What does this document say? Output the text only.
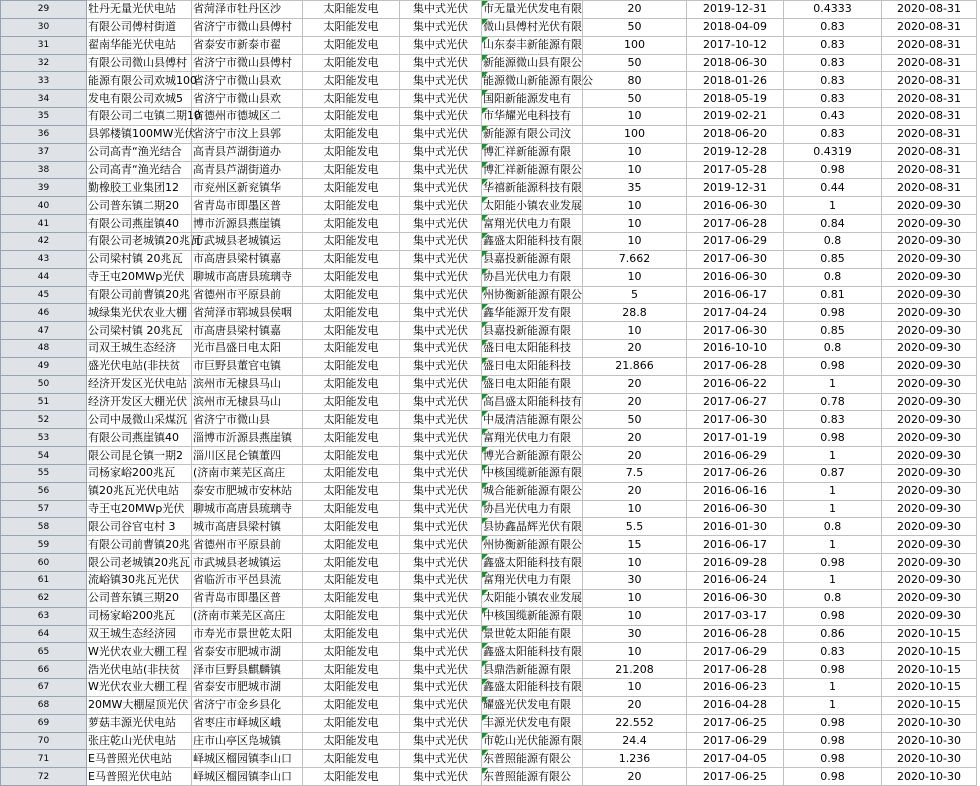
29	牡丹无量光伏电站	省菏泽市牡丹区沙	太阳能发电	集中式光伏	市无量光伏发电有限	20	2019-12-31	0.4333	2020-08-31
30	有限公司傅村街道	省济宁市微山县傅村	太阳能发电	集中式光伏	微山县傅村光伏有限	50	2018-04-09	0.83	2020-08-31
31	翟南华能光伏电站	省泰安市新泰市翟	太阳能发电	集中式光伏	山东泰丰新能源有限	100	2017-10-12	0.83	2020-08-31
32	有限公司微山县傅村	省济宁市微山县傅村	太阳能发电	集中式光伏	新能源微山县有限公	50	2018-06-30	0.83	2020-08-31
33	能源有限公司欢城100	省济宁市微山县欢	太阳能发电	集中式光伏	能源微山新能源有限公	80	2018-01-26	0.83	2020-08-31
34	发电有限公司欢城5	省济宁市微山县欢	太阳能发电	集中式光伏	国阳新能源发电有	50	2018-05-19	0.83	2020-08-31
35	有限公司二屯镇二期10	省德州市德城区二	太阳能发电	集中式光伏	市华耀光电科技有	10	2019-02-21	0.43	2020-08-31
36	县郭楼镇100MW光伏	省济宁市汶上县郭	太阳能发电	集中式光伏	新能源有限公司汶	100	2018-06-20	0.83	2020-08-31
37	公司高青“渔光结合	高青县芦湖街道办	太阳能发电	集中式光伏	博汇祥新能源有限	10	2019-12-28	0.4319	2020-08-31
38	公司高青“渔光结合	高青县芦湖街道办	太阳能发电	集中式光伏	博汇祥新能源有限公	10	2017-05-28	0.98	2020-08-31
39	勤橡胶工业集团12	市兖州区新兖镇华	太阳能发电	集中式光伏	华禧新能源科技有限	35	2019-12-31	0.44	2020-08-31
40	公司普东镇二期20	省青岛市即墨区普	太阳能发电	集中式光伏	太阳能小镇农业发展	10	2016-06-30	1	2020-09-30
41	有限公司燕崖镇40	博市沂源县燕崖镇	太阳能发电	集中式光伏	富翔光伏电力有限	10	2017-06-28	0.84	2020-09-30
42	有限公司老城镇20兆瓦	市武城县老城镇运	太阳能发电	集中式光伏	鑫盛太阳能科技有限	10	2017-06-29	0.8	2020-09-30
43	公司梁村镇 20兆瓦	市高唐县梁村镇嘉	太阳能发电	集中式光伏	县嘉投新能源有限	7.662	2017-06-30	0.85	2020-09-30
44	寺王屯20MWp光伏	聊城市高唐县琉璃寺	太阳能发电	集中式光伏	协昌光伏电力有限	10	2016-06-30	0.8	2020-09-30
45	有限公司前曹镇20兆	省德州市平原县前	太阳能发电	集中式光伏	州协衡新能源有限公	5	2016-06-17	0.81	2020-09-30
46	城绿集光伏农业大棚	省菏泽市郓城县侯咽	太阳能发电	集中式光伏	鑫华能源开发有限	28.8	2017-04-24	0.98	2020-09-30
47	公司梁村镇 20兆瓦	市高唐县梁村镇嘉	太阳能发电	集中式光伏	县嘉投新能源有限	10	2017-06-30	0.85	2020-09-30
48	司双王城生态经济	光市昌盛日电太阳	太阳能发电	集中式光伏	盛日电太阳能科技	20	2016-10-10	0.8	2020-09-30
49	盛光伏电站(非扶贫	市巨野县董官屯镇	太阳能发电	集中式光伏	盛日电太阳能科技	21.866	2017-06-28	0.98	2020-09-30
50	经济开发区光伏电站	滨州市无棣县马山	太阳能发电	集中式光伏	盛日电太阳能有限	20	2016-06-22	1	2020-09-30
51	经济开发区大棚光伏	滨州市无棣县马山	太阳能发电	集中式光伏	高昌盛太阳能科技有	20	2017-06-27	0.78	2020-09-30
52	公司中晟微山采煤沉	省济宁市微山县	太阳能发电	集中式光伏	中晟清洁能源有限公	50	2017-06-30	0.83	2020-09-30
53	有限公司燕崖镇40	淄博市沂源县燕崖镇	太阳能发电	集中式光伏	富翔光伏电力有限	20	2017-01-19	0.98	2020-09-30
54	限公司昆仑镇一期2	淄川区昆仑镇董四	太阳能发电	集中式光伏	博光合新能源有限公	20	2016-06-29	1	2020-09-30
55	司杨家峪200兆瓦	(济南市莱芜区高庄	太阳能发电	集中式光伏	中核国缆新能源有限	7.5	2017-06-26	0.87	2020-09-30
56	镇20兆瓦光伏电站	泰安市肥城市安林站	太阳能发电	集中式光伏	城合能新能源有限公	20	2016-06-16	1	2020-09-30
57	寺王屯20MWp光伏	聊城市高唐县琉璃寺	太阳能发电	集中式光伏	协昌光伏电力有限	10	2016-06-30	1	2020-09-30
58	限公司谷官屯村 3	城市高唐县梁村镇	太阳能发电	集中式光伏	县协鑫晶辉光伏有限	5.5	2016-01-30	0.8	2020-09-30
59	有限公司前曹镇20兆	省德州市平原县前	太阳能发电	集中式光伏	州协衡新能源有限公	15	2016-06-17	1	2020-09-30
60	限公司老城镇20兆瓦	市武城县老城镇运	太阳能发电	集中式光伏	鑫盛太阳能科技有限	10	2016-09-28	0.98	2020-09-30
61	流峪镇30兆瓦光伏	省临沂市平邑县流	太阳能发电	集中式光伏	富翔光伏电力有限	30	2016-06-24	1	2020-09-30
62	公司普东镇三期20	省青岛市即墨区普	太阳能发电	集中式光伏	太阳能小镇农业发展	10	2016-06-30	0.8	2020-09-30
63	司杨家峪200兆瓦	(济南市莱芜区高庄	太阳能发电	集中式光伏	中核国缆新能源有限	10	2017-03-17	0.98	2020-09-30
64	双王城生态经济园	市寿光市景世乾太阳	太阳能发电	集中式光伏	景世乾太阳能有限	30	2016-06-28	0.86	2020-10-15
65	W光伏农业大棚工程	省泰安市肥城市湖	太阳能发电	集中式光伏	鑫盛太阳能科技有限	10	2017-06-29	0.83	2020-10-15
66	浩光伏电站(非扶贫	泽市巨野县麒麟镇	太阳能发电	集中式光伏	县鼎浩新能源有限	21.208	2017-06-28	0.98	2020-10-15
67	W光伏农业大棚工程	省泰安市肥城市湖	太阳能发电	集中式光伏	鑫盛太阳能科技有限	10	2016-06-23	1	2020-10-15
68	20MW大棚屋顶光伏	省济宁市金乡县化	太阳能发电	集中式光伏	耀盛光伏发电有限	20	2016-04-28	1	2020-10-15
69	萝菇丰源光伏电站	省枣庄市峄城区峨	太阳能发电	集中式光伏	丰源光伏发电有限	22.552	2017-06-25	0.98	2020-10-30
70	张庄乾山光伏电站	庄市山亭区凫城镇	太阳能发电	集中式光伏	市乾山光伏能源有限	24.4	2017-06-29	0.98	2020-10-30
71	E马普照光伏电站	峄城区榴园镇李山口	太阳能发电	集中式光伏	东普照能源有限公	1.236	2017-04-05	0.98	2020-10-30
72	E马普照光伏电站	峄城区榴园镇李山口	太阳能发电	集中式光伏	东普照能源有限公	20	2017-06-25	0.98	2020-10-30
